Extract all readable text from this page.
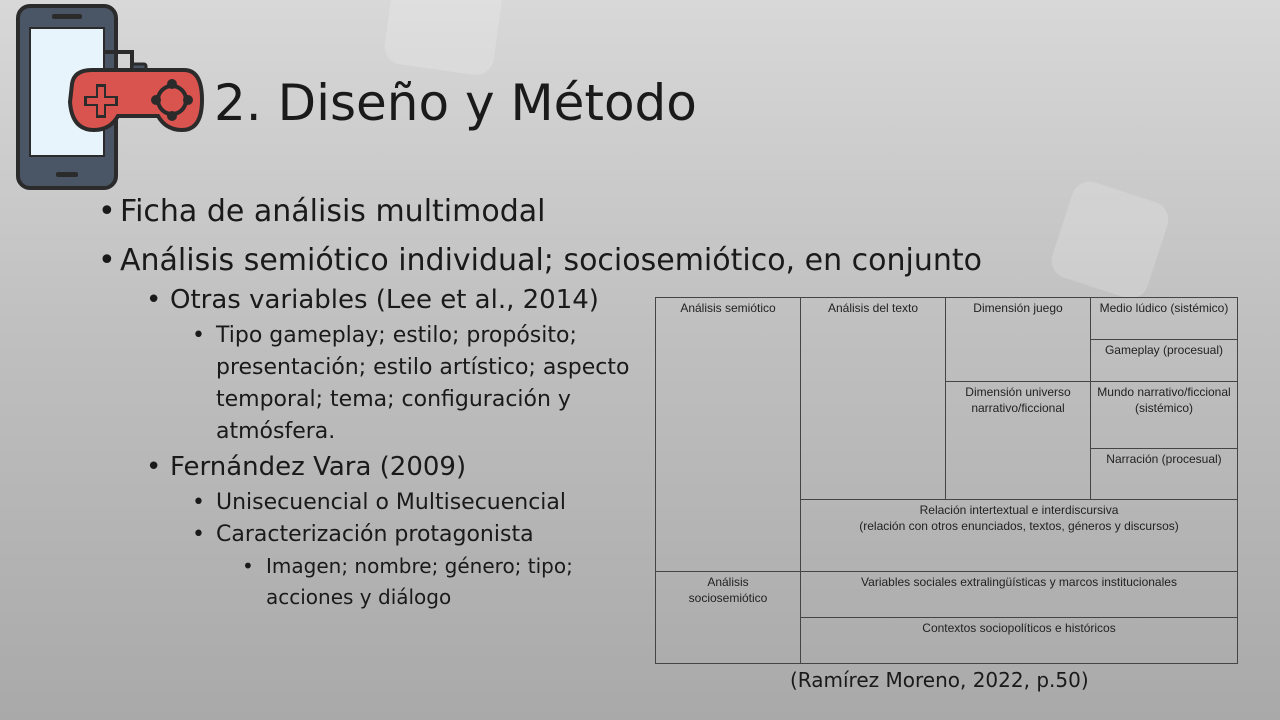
2. Diseño y Método
• Ficha de análisis multimodal
• Análisis semiótico individual; sociosemiótico, en conjunto
• Otras variables (Lee et al., 2014)
• Tipo gameplay; estilo; propósito;
presentación; estilo artístico; aspecto
temporal; tema; configuración y
atmósfera.
• Fernández Vara (2009)
• Unisecuencial o Multisecuencial
• Caracterización protagonista
• Imagen; nombre; género; tipo;
acciones y diálogo
Análisis semiótico	Análisis del texto	Dimensión juego	Medio lúdico (sistémico)
			Gameplay (procesual)
		Dimensión universo narrativo/ficcional	Mundo narrativo/ficcional (sistémico)
			Narración (procesual)

	Relación intertextual e interdiscursiva
(relación con otros enunciados, textos, géneros y discursos)		

Análisis sociosemiótico	Variables sociales extralingüísticas y marcos institucionales		
	Contextos sociopolíticos e históricos		
(Ramírez Moreno, 2022, p.50)
